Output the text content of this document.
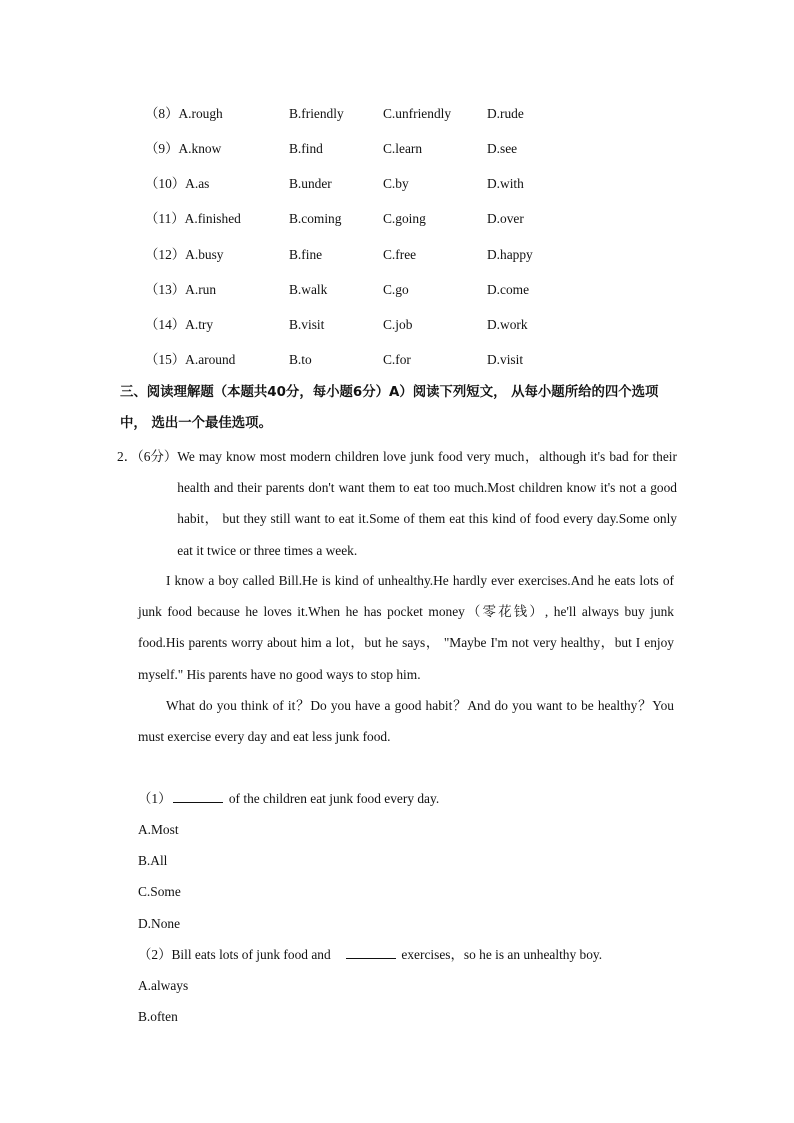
（8）A.rough	B.friendly	C.unfriendly	D.rude
（9）A.know	B.find	C.learn	D.see
（10）A.as	B.under	C.by	D.with
（11）A.finished	B.coming	C.going	D.over
（12）A.busy	B.fine	C.free	D.happy
（13）A.run	B.walk	C.go	D.come
（14）A.try	B.visit	C.job	D.work
（15）A.around	B.to	C.for	D.visit
三、阅读理解题（本题共40分，每小题6分）A）阅读下列短文， 从每小题所给的四个选项中， 选出一个最佳选项。
2．（6分） We may know most modern children love junk food very much，although it's bad for their health and their parents don't want them to eat too much.Most children know it's not a good habit， but they still want to eat it.Some of them eat this kind of food every day.Some only eat it twice or three times a week.
I know a boy called Bill.He is kind of unhealthy.He hardly ever exercises.And he eats lots of junk food because he loves it.When he has pocket money（零花钱）, he'll always buy junk food.His parents worry about him a lot，but he says， "Maybe I'm not very healthy，but I enjoy myself." His parents have no good ways to stop him.
What do you think of it？Do you have a good habit？And do you want to be healthy？You must exercise every day and eat less junk food.
（1）	of the children eat junk food every day.
A.Most
B.All
C.Some
D.None
（2）Bill eats lots of junk food and	exercises，so he is an unhealthy boy.
A.always
B.often
